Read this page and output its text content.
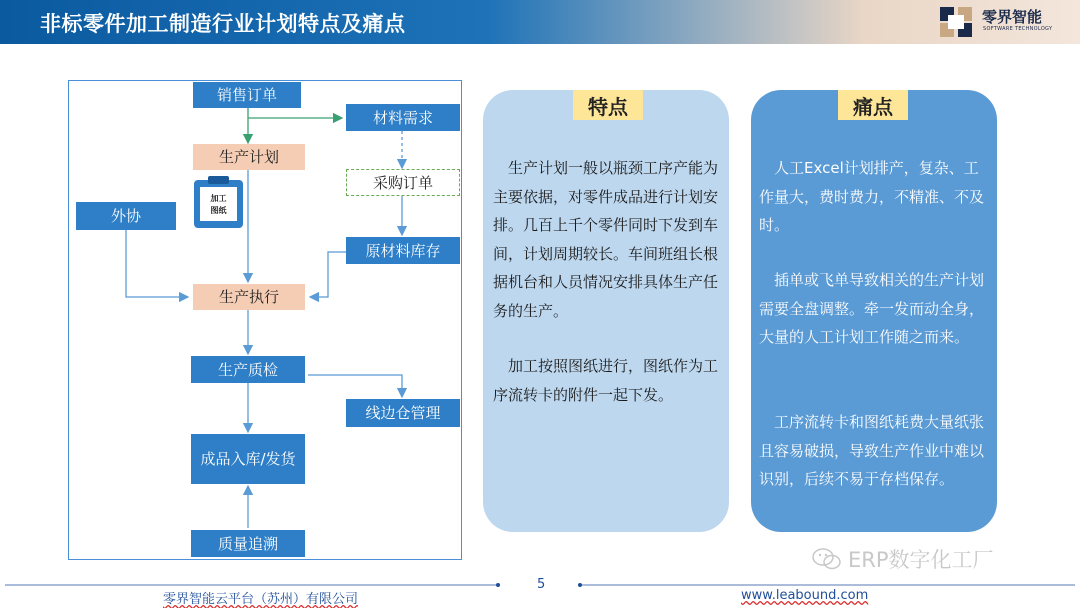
非标零件加工制造行业计划特点及痛点	零界智能
SOFTWARE TECHNOLOGY
销售订单
材料需求
生产计划
采购订单
加工
图纸
外协
原材料库存
生产执行
生产质检
线边仓管理
成品入库/发货
质量追溯
特点
生产计划一般以瓶颈工序产能为主要依据，对零件成品进行计划安排。几百上千个零件同时下发到车间，计划周期较长。车间班组长根据机台和人员情况安排具体生产任务的生产。
加工按照图纸进行，图纸作为工序流转卡的附件一起下发。
痛点
人工Excel计划排产，复杂、工作量大，费时费力，不精准、不及时。
插单或飞单导致相关的生产计划需要全盘调整。牵一发而动全身，大量的人工计划工作随之而来。
工序流转卡和图纸耗费大量纸张且容易破损，导致生产作业中难以识别，后续不易于存档保存。
零界智能云平台（苏州）有限公司
5
www.leabound.com
ERP数字化工厂
